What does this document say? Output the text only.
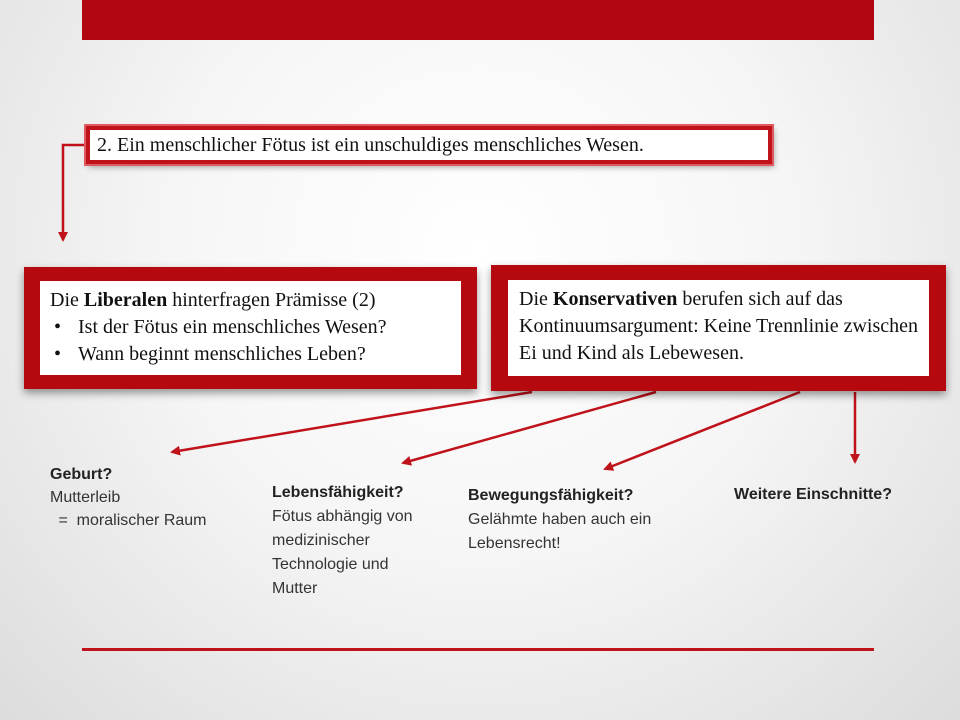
2. Ein menschlicher Fötus ist ein unschuldiges menschliches Wesen.

Die Liberalen hinterfragen Prämisse (2)

• Ist der Fötus ein menschliches Wesen?
• Wann beginnt menschliches Leben?
Die Konservativen berufen sich auf das Kontinuumsargument: Keine Trennlinie zwischen Ei und Kind als Lebewesen.
Geburt?
Mutterleib
=  moralischer Raum
Lebensfähigkeit?
Fötus abhängig von
medizinischer
Technologie und
Mutter
Bewegungsfähigkeit?
Gelähmte haben auch ein
Lebensrecht!
Weitere Einschnitte?
